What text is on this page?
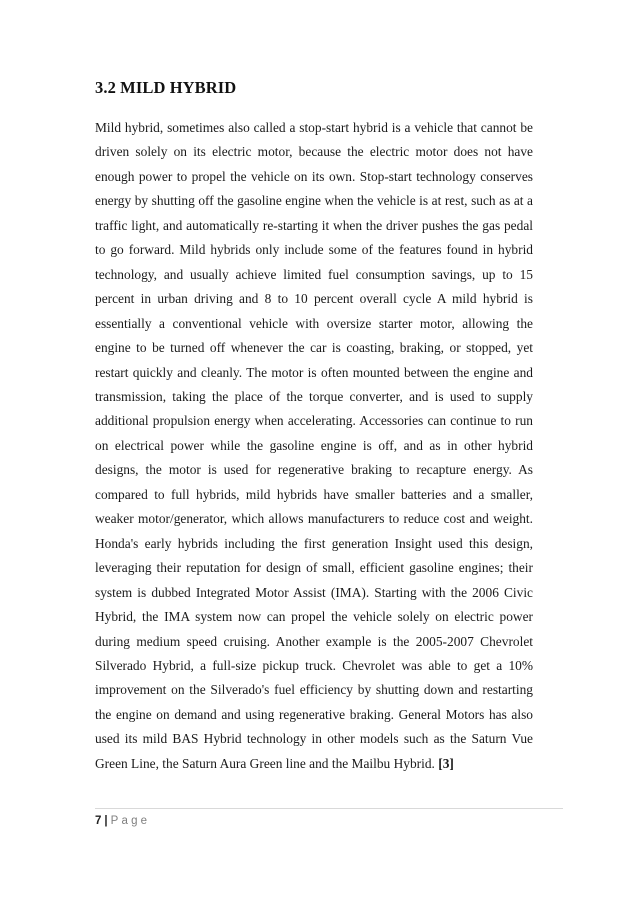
3.2 MILD HYBRID

Mild hybrid, sometimes also called a stop-start hybrid is a vehicle that cannot be driven solely on its electric motor, because the electric motor does not have enough power to propel the vehicle on its own. Stop-start technology conserves energy by shutting off the gasoline engine when the vehicle is at rest, such as at a traffic light, and automatically re-starting it when the driver pushes the gas pedal to go forward. Mild hybrids only include some of the features found in hybrid technology, and usually achieve limited fuel consumption savings, up to 15 percent in urban driving and 8 to 10 percent overall cycle A mild hybrid is essentially a conventional vehicle with oversize starter motor, allowing the engine to be turned off whenever the car is coasting, braking, or stopped, yet restart quickly and cleanly. The motor is often mounted between the engine and transmission, taking the place of the torque converter, and is used to supply additional propulsion energy when accelerating. Accessories can continue to run on electrical power while the gasoline engine is off, and as in other hybrid designs, the motor is used for regenerative braking to recapture energy. As compared to full hybrids, mild hybrids have smaller batteries and a smaller, weaker motor/generator, which allows manufacturers to reduce cost and weight. Honda's early hybrids including the first generation Insight used this design, leveraging their reputation for design of small, efficient gasoline engines; their system is dubbed Integrated Motor Assist (IMA). Starting with the 2006 Civic Hybrid, the IMA system now can propel the vehicle solely on electric power during medium speed cruising. Another example is the 2005-2007 Chevrolet Silverado Hybrid, a full-size pickup truck. Chevrolet was able to get a 10% improvement on the Silverado's fuel efficiency by shutting down and restarting the engine on demand and using regenerative braking. General Motors has also used its mild BAS Hybrid technology in other models such as the Saturn Vue Green Line, the Saturn Aura Green line and the Mailbu Hybrid. [3]

7 | Page
